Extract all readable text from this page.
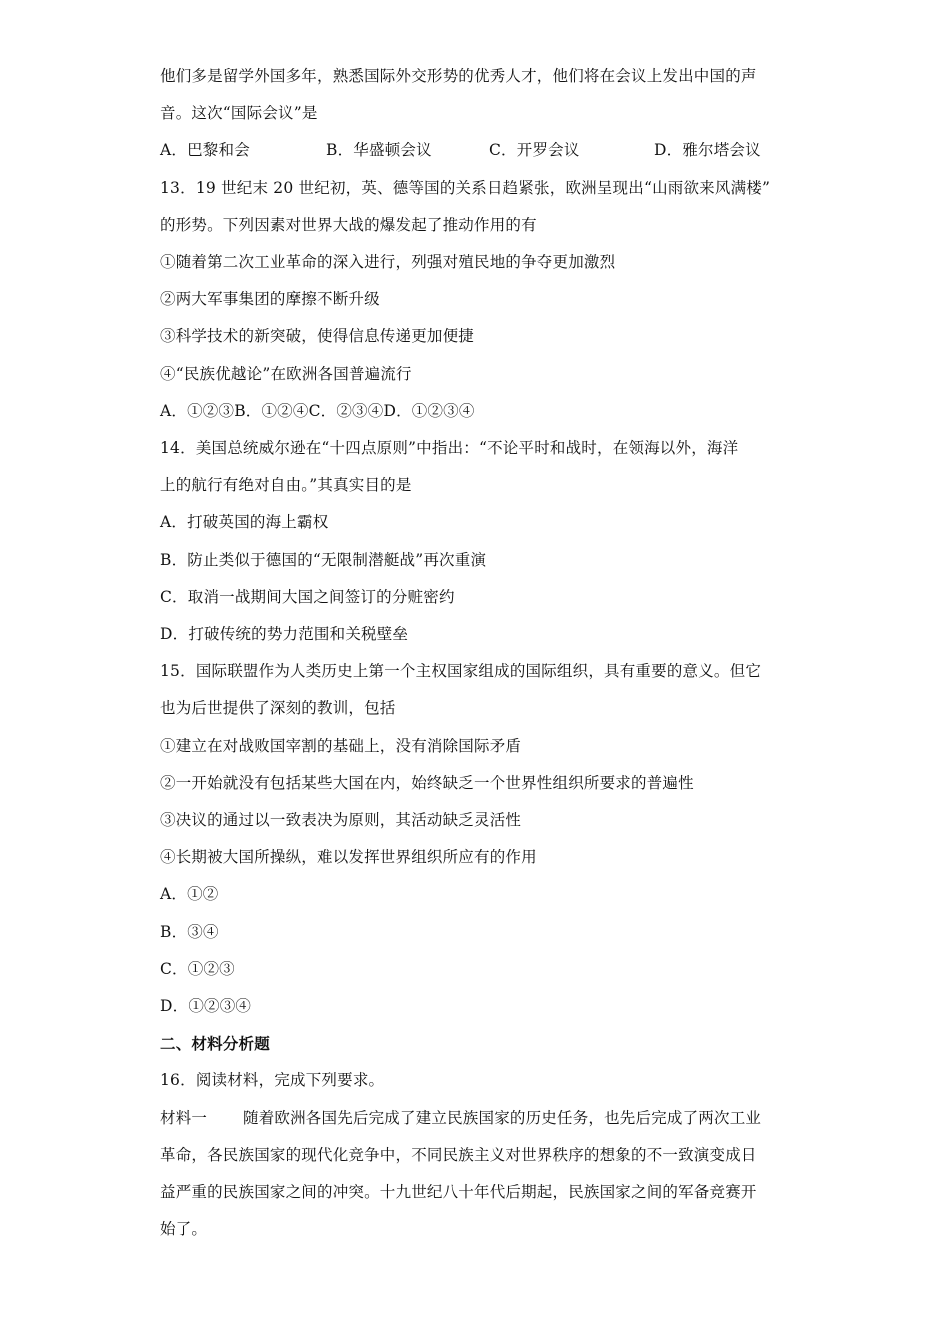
他们多是留学外国多年，熟悉国际外交形势的优秀人才，他们将在会议上发出中国的声
音。这次“国际会议”是
A．巴黎和会	B．华盛顿会议	C．开罗会议	D．雅尔塔会议
13．19 世纪末 20 世纪初，英、德等国的关系日趋紧张，欧洲呈现出“山雨欲来风满楼”
的形势。下列因素对世界大战的爆发起了推动作用的有
①随着第二次工业革命的深入进行，列强对殖民地的争夺更加激烈
②两大军事集团的摩擦不断升级
③科学技术的新突破，使得信息传递更加便捷
④“民族优越论”在欧洲各国普遍流行
A．①②③B．①②④C．②③④D．①②③④
14．美国总统威尔逊在“十四点原则”中指出：“不论平时和战时，在领海以外，海洋
上的航行有绝对自由。”其真实目的是
A．打破英国的海上霸权
B．防止类似于德国的“无限制潜艇战”再次重演
C．取消一战期间大国之间签订的分赃密约
D．打破传统的势力范围和关税壁垒
15．国际联盟作为人类历史上第一个主权国家组成的国际组织，具有重要的意义。但它
也为后世提供了深刻的教训，包括
①建立在对战败国宰割的基础上，没有消除国际矛盾
②一开始就没有包括某些大国在内，始终缺乏一个世界性组织所要求的普遍性
③决议的通过以一致表决为原则，其活动缺乏灵活性
④长期被大国所操纵，难以发挥世界组织所应有的作用
A．①②
B．③④
C．①②③
D．①②③④
二、材料分析题
16．阅读材料，完成下列要求。
材料一 随着欧洲各国先后完成了建立民族国家的历史任务，也先后完成了两次工业
革命，各民族国家的现代化竞争中，不同民族主义对世界秩序的想象的不一致演变成日
益严重的民族国家之间的冲突。十九世纪八十年代后期起，民族国家之间的军备竞赛开
始了。
